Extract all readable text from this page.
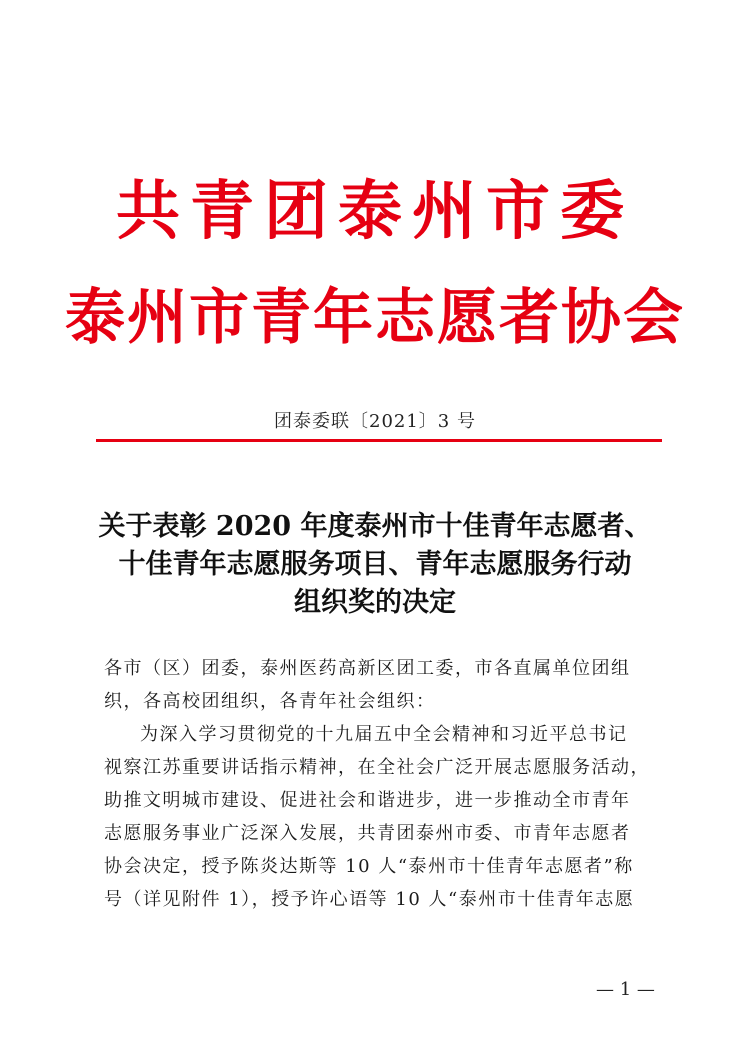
共青团泰州市委
泰州市青年志愿者协会
团泰委联〔2021〕3 号
关于表彰 2020 年度泰州市十佳青年志愿者、
十佳青年志愿服务项目、青年志愿服务行动
组织奖的决定
各市（区）团委，泰州医药高新区团工委，市各直属单位团组
织，各高校团组织，各青年社会组织：
为深入学习贯彻党的十九届五中全会精神和习近平总书记
视察江苏重要讲话指示精神，在全社会广泛开展志愿服务活动，
助推文明城市建设、促进社会和谐进步，进一步推动全市青年
志愿服务事业广泛深入发展，共青团泰州市委、市青年志愿者
协会决定，授予陈炎达斯等 10 人“泰州市十佳青年志愿者”称
号（详见附件 1），授予许心语等 10 人“泰州市十佳青年志愿
— 1 —
